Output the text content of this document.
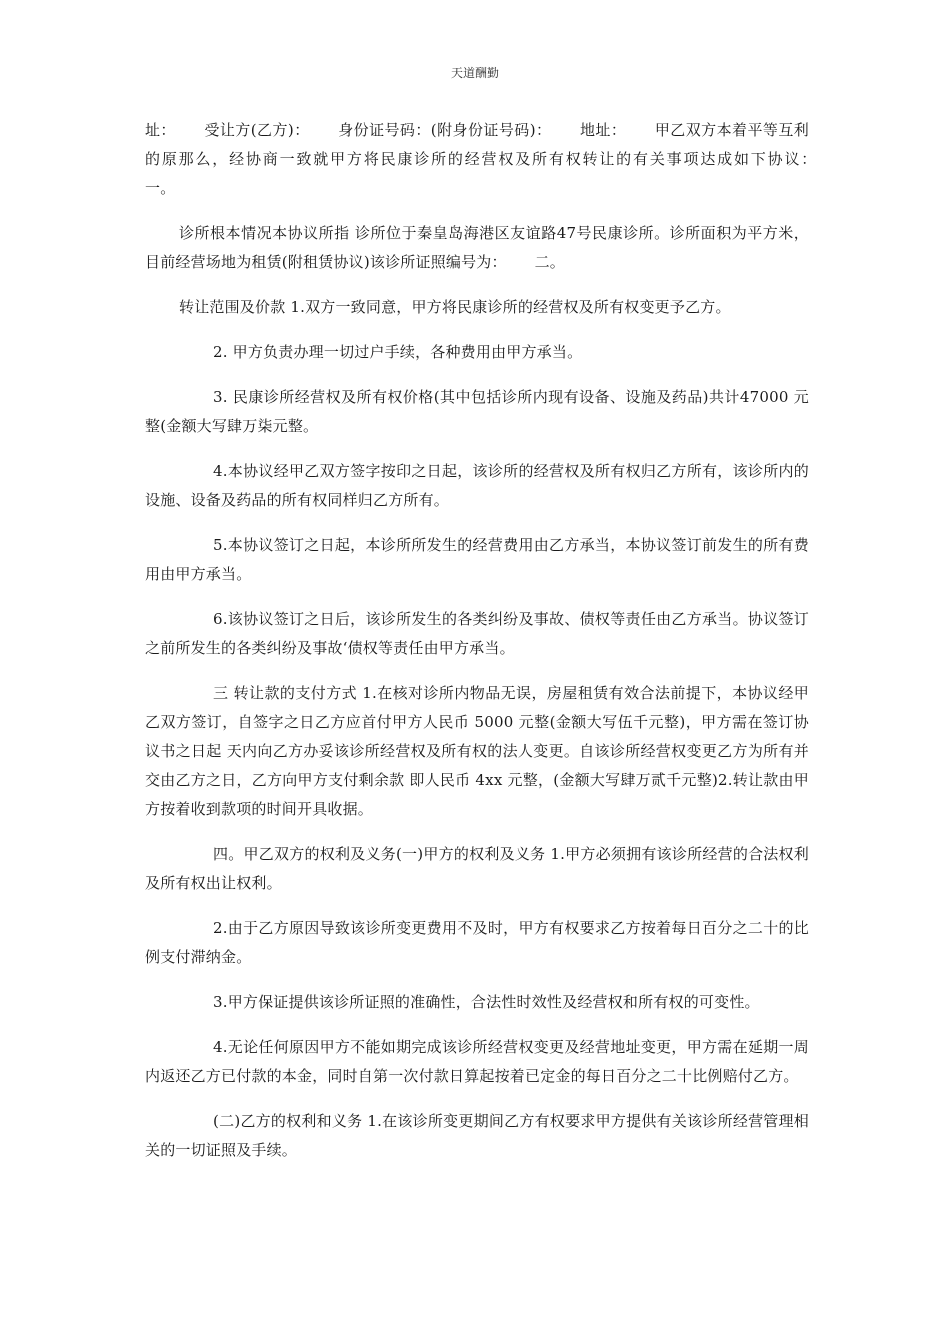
天道酬勤

址：　　 受让方(乙方)：　　 身份证号码：(附身份证号码)：　　 地址：　　 甲乙双方本着平等互利的原那么，经协商一致就甲方将民康诊所的经营权及所有权转让的有关事项达成如下协议：　　 一。

诊所根本情况本协议所指 诊所位于秦皇岛海港区友谊路47号民康诊所。诊所面积为平方米，目前经营场地为租赁(附租赁协议)该诊所证照编号为：　　 二。

转让范围及价款 1.双方一致同意，甲方将民康诊所的经营权及所有权变更予乙方。

2. 甲方负责办理一切过户手续，各种费用由甲方承当。

3. 民康诊所经营权及所有权价格(其中包括诊所内现有设备、设施及药品)共计47000 元整(金额大写肆万柒元整。

4.本协议经甲乙双方签字按印之日起，该诊所的经营权及所有权归乙方所有，该诊所内的设施、设备及药品的所有权同样归乙方所有。

5.本协议签订之日起，本诊所所发生的经营费用由乙方承当，本协议签订前发生的所有费用由甲方承当。

6.该协议签订之日后，该诊所发生的各类纠纷及事故、债权等责任由乙方承当。协议签订之前所发生的各类纠纷及事故‘债权等责任由甲方承当。

三 转让款的支付方式 1.在核对诊所内物品无误，房屋租赁有效合法前提下，本协议经甲乙双方签订，自签字之日乙方应首付甲方人民币 5000 元整(金额大写伍千元整)，甲方需在签订协议书之日起 天内向乙方办妥该诊所经营权及所有权的法人变更。自该诊所经营权变更乙方为所有并交由乙方之日，乙方向甲方支付剩余款 即人民币 4xx 元整，(金额大写肆万贰千元整)2.转让款由甲方按着收到款项的时间开具收据。

四。甲乙双方的权利及义务(一)甲方的权利及义务 1.甲方必须拥有该诊所经营的合法权利及所有权出让权利。

2.由于乙方原因导致该诊所变更费用不及时，甲方有权要求乙方按着每日百分之二十的比例支付滞纳金。

3.甲方保证提供该诊所证照的准确性，合法性时效性及经营权和所有权的可变性。

4.无论任何原因甲方不能如期完成该诊所经营权变更及经营地址变更，甲方需在延期一周内返还乙方已付款的本金，同时自第一次付款日算起按着已定金的每日百分之二十比例赔付乙方。

(二)乙方的权利和义务 1.在该诊所变更期间乙方有权要求甲方提供有关该诊所经营管理相关的一切证照及手续。
